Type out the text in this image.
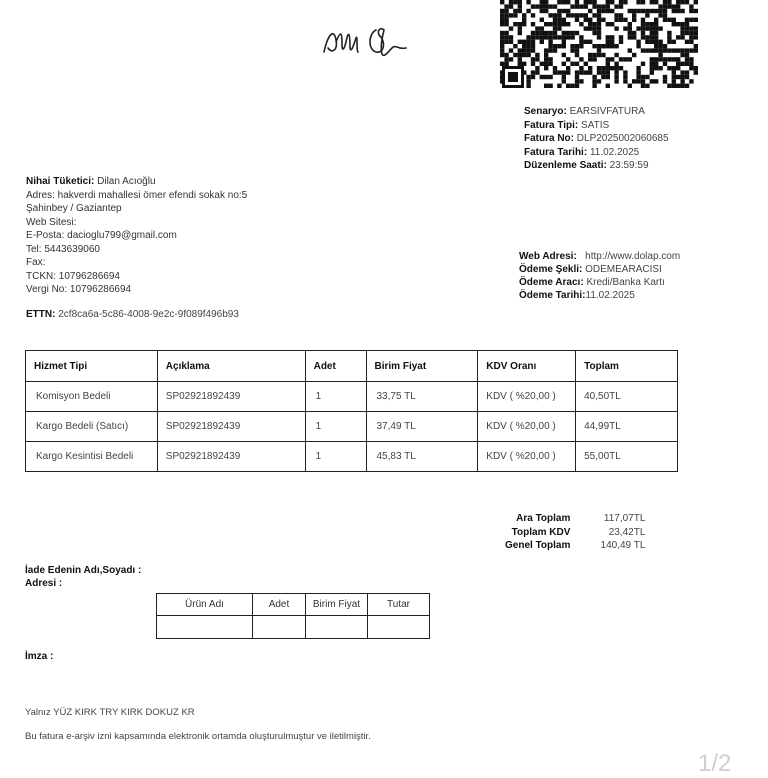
Senaryo: EARSIVFATURA
Fatura Tipi: SATIS
Fatura No: DLP2025002060685
Fatura Tarihi: 11.02.2025
Düzenleme Saati: 23:59:59
Nihai Tüketici: Dilan Acıoğlu
Adres: hakverdi mahallesi ömer efendi sokak no:5
Şahinbey / Gaziantep
Web Sitesi:
E-Posta: dacioglu799@gmail.com
Tel: 5443639060
Fax:
TCKN: 10796286694
Vergi No: 10796286694
Web Adresi: http://www.dolap.com
Ödeme Şekli: ODEMEARACISI
Ödeme Aracı: Kredi/Banka Kartı
Ödeme Tarihi:11.02.2025
ETTN: 2cf8ca6a-5c86-4008-9e2c-9f089f496b93
Hizmet Tipi	Açıklama	Adet	Birim Fiyat	KDV Oranı	Toplam
Komisyon Bedeli	SP02921892439	1	33,75 TL	KDV ( %20,00 )	40,50TL
Kargo Bedeli (Satıcı)	SP02921892439	1	37,49 TL	KDV ( %20,00 )	44,99TL
Kargo Kesintisi Bedeli	SP02921892439	1	45,83 TL	KDV ( %20,00 )	55,00TL
Ara Toplam	117,07TL
Toplam KDV	23,42TL
Genel Toplam	140,49 TL
İade Edenin Adı,Soyadı :
Adresi :
Ürün Adı	Adet	Birim Fiyat	Tutar

İmza :
Yalnız YÜZ KIRK TRY KIRK DOKUZ KR
Bu fatura e-arşiv izni kapsamında elektronik ortamda oluşturulmuştur ve iletilmiştir.
1/2
